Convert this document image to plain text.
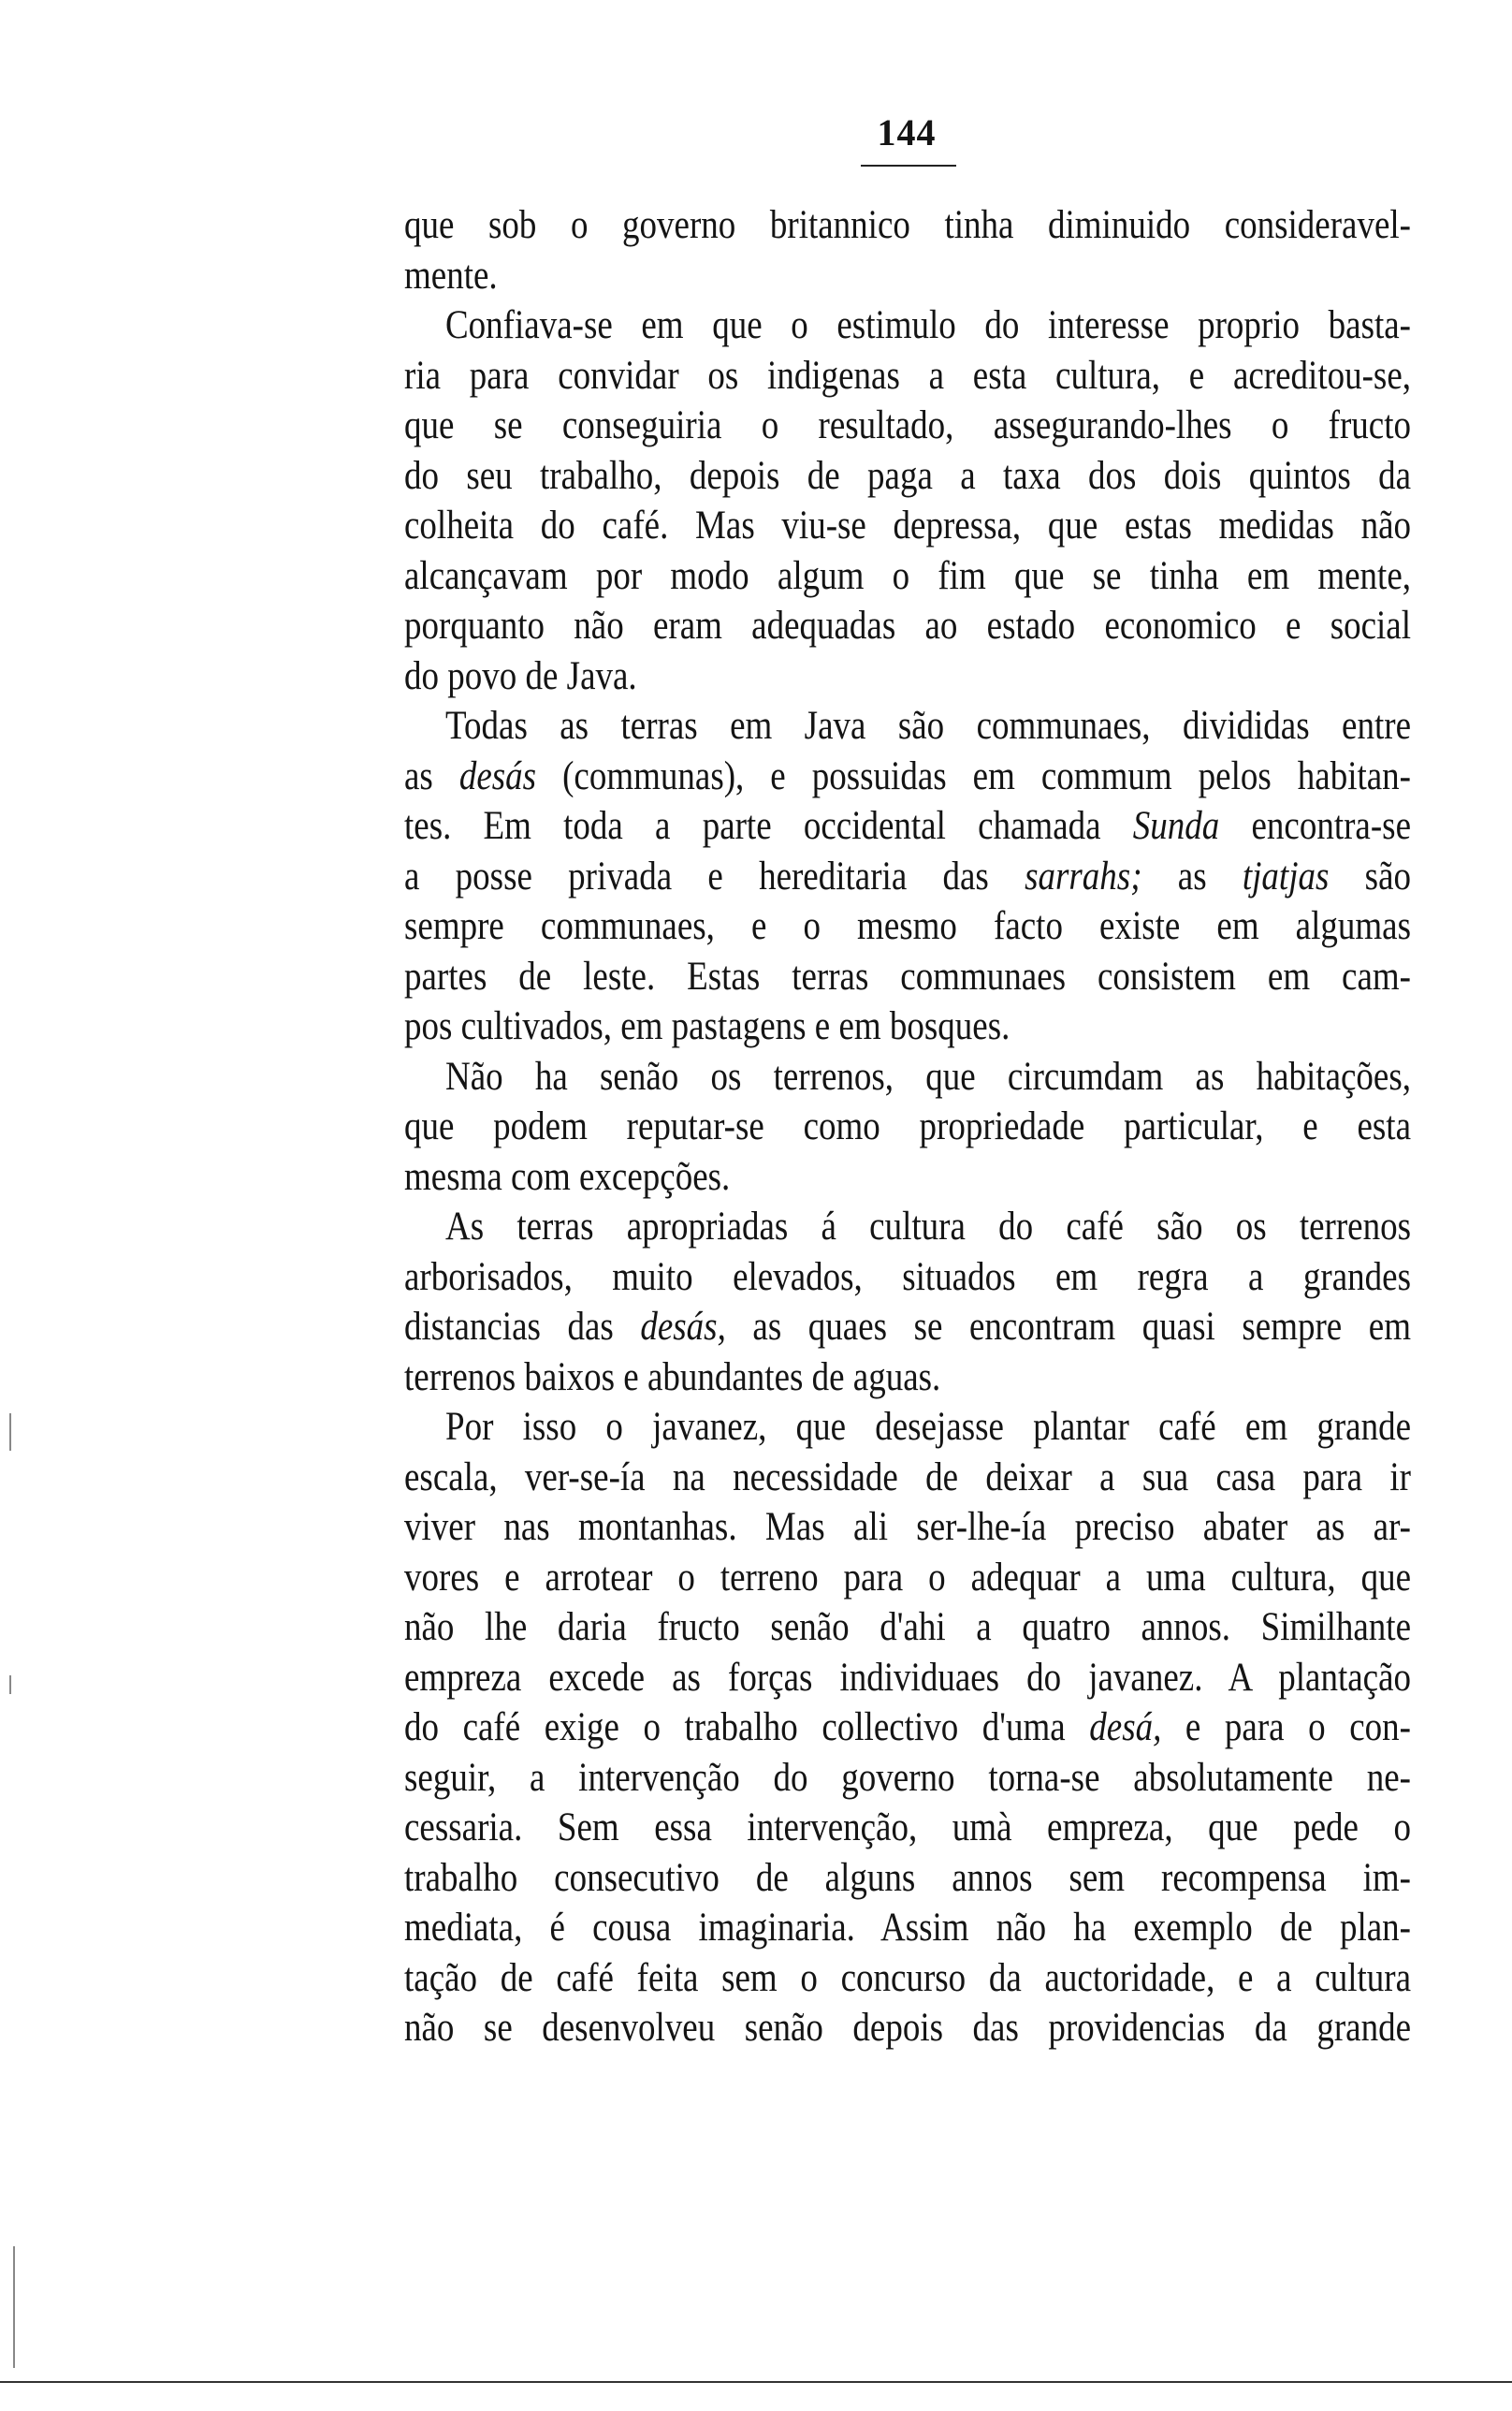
144
que sob o governo britannico tinha diminuido consideravel-
mente.
Confiava-se em que o estimulo do interesse proprio basta-
ria para convidar os indigenas a esta cultura, e acreditou-se,
que se conseguiria o resultado, assegurando-lhes o fructo
do seu trabalho, depois de paga a taxa dos dois quintos da
colheita do café. Mas viu-se depressa, que estas medidas não
alcançavam por modo algum o fim que se tinha em mente,
porquanto não eram adequadas ao estado economico e social
do povo de Java.
Todas as terras em Java são communaes, divididas entre
as desás (communas), e possuidas em commum pelos habitan-
tes. Em toda a parte occidental chamada Sunda encontra-se
a posse privada e hereditaria das sarrahs; as tjatjas são
sempre communaes, e o mesmo facto existe em algumas
partes de leste. Estas terras communaes consistem em cam-
pos cultivados, em pastagens e em bosques.
Não ha senão os terrenos, que circumdam as habitações,
que podem reputar-se como propriedade particular, e esta
mesma com excepções.
As terras apropriadas á cultura do café são os terrenos
arborisados, muito elevados, situados em regra a grandes
distancias das desás, as quaes se encontram quasi sempre em
terrenos baixos e abundantes de aguas.
Por isso o javanez, que desejasse plantar café em grande
escala, ver-se-ía na necessidade de deixar a sua casa para ir
viver nas montanhas. Mas ali ser-lhe-ía preciso abater as ar-
vores e arrotear o terreno para o adequar a uma cultura, que
não lhe daria fructo senão d'ahi a quatro annos. Similhante
empreza excede as forças individuaes do javanez. A plantação
do café exige o trabalho collectivo d'uma desá, e para o con-
seguir, a intervenção do governo torna-se absolutamente ne-
cessaria. Sem essa intervenção, umà empreza, que pede o
trabalho consecutivo de alguns annos sem recompensa im-
mediata, é cousa imaginaria. Assim não ha exemplo de plan-
tação de café feita sem o concurso da auctoridade, e a cultura
não se desenvolveu senão depois das providencias da grande
